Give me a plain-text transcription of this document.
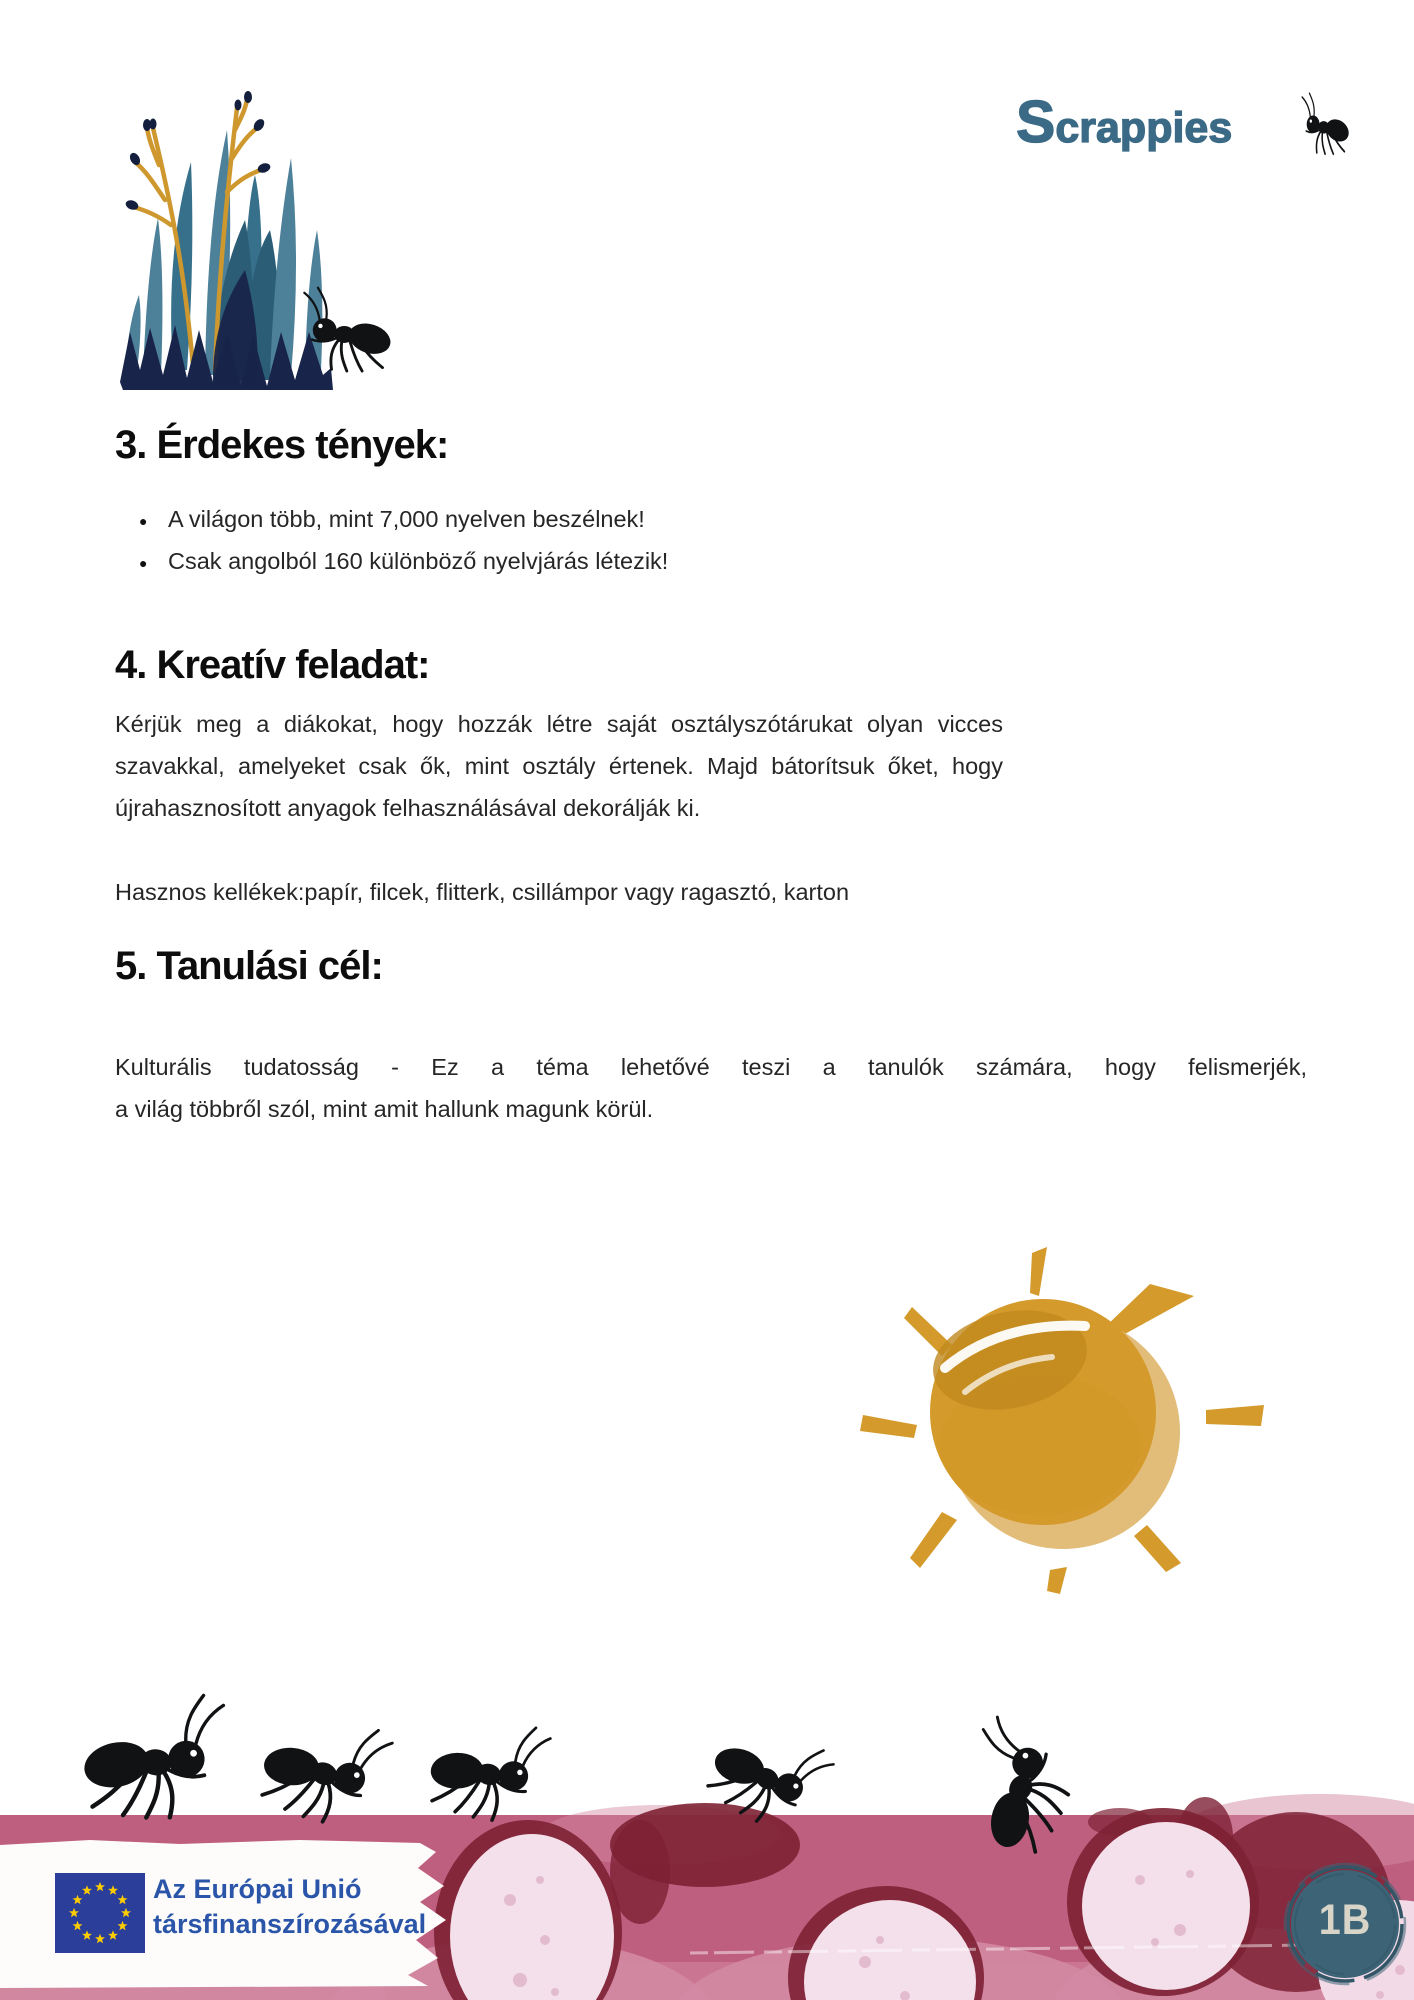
Scrappies
3. Érdekes tények:
● A világon több, mint 7,000 nyelven beszélnek!
● Csak angolból 160 különböző nyelvjárás létezik!
4. Kreatív feladat:
Kérjük meg a diákokat, hogy hozzák létre saját osztályszótárukat olyan vicces
szavakkal, amelyeket csak ők, mint osztály értenek. Majd bátorítsuk őket, hogy
újrahasznosított anyagok felhasználásával dekorálják ki.
Hasznos kellékek:papír, filcek, flitterk, csillámpor vagy ragasztó, karton
5. Tanulási cél:
Kulturális tudatosság - Ez a téma lehetővé teszi a tanulók számára, hogy felismerjék,
a világ többről szól, mint amit hallunk magunk körül.
Az Európai Unió
társfinanszírozásával	1B
